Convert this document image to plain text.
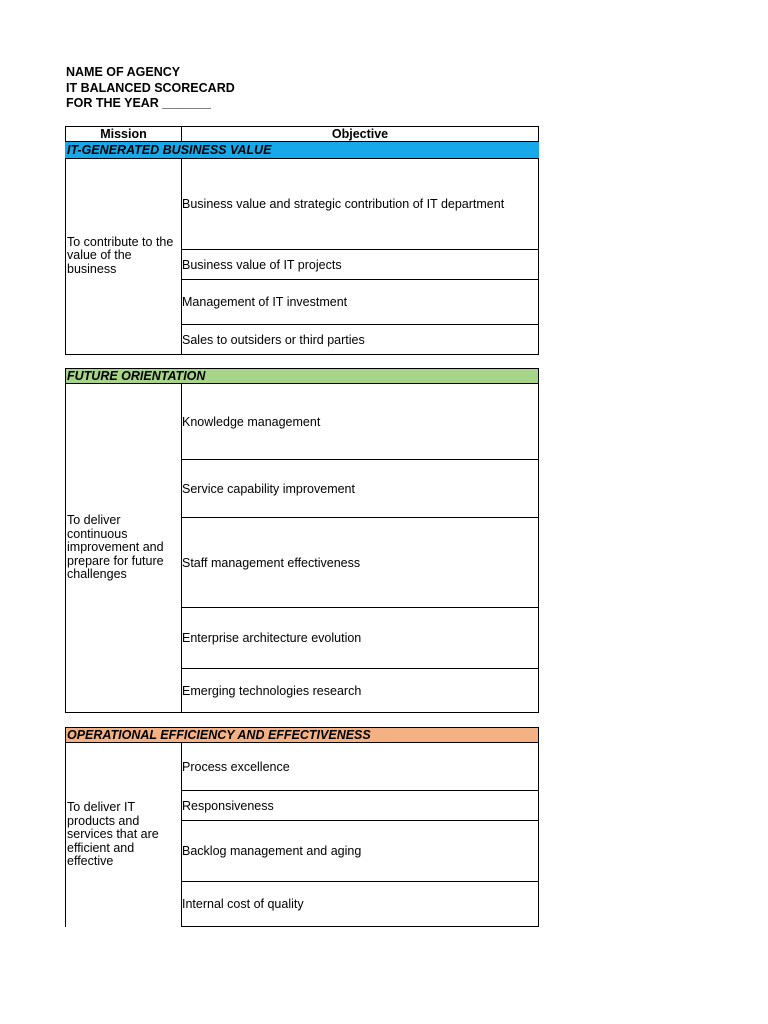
NAME OF AGENCY
IT BALANCED SCORECARD
FOR THE YEAR _______
Mission	Objective
IT-GENERATED BUSINESS VALUE
To contribute to the value of the business
Business value and strategic contribution of IT department
Business value of IT projects
Management of IT investment
Sales to outsiders or third parties
FUTURE ORIENTATION
To deliver continuous improvement and prepare for future challenges
Knowledge management
Service capability improvement
Staff management effectiveness
Enterprise architecture evolution
Emerging technologies research
OPERATIONAL EFFICIENCY AND EFFECTIVENESS
To deliver IT products and services that are efficient and effective
Process excellence
Responsiveness
Backlog management and aging
Internal cost of quality
